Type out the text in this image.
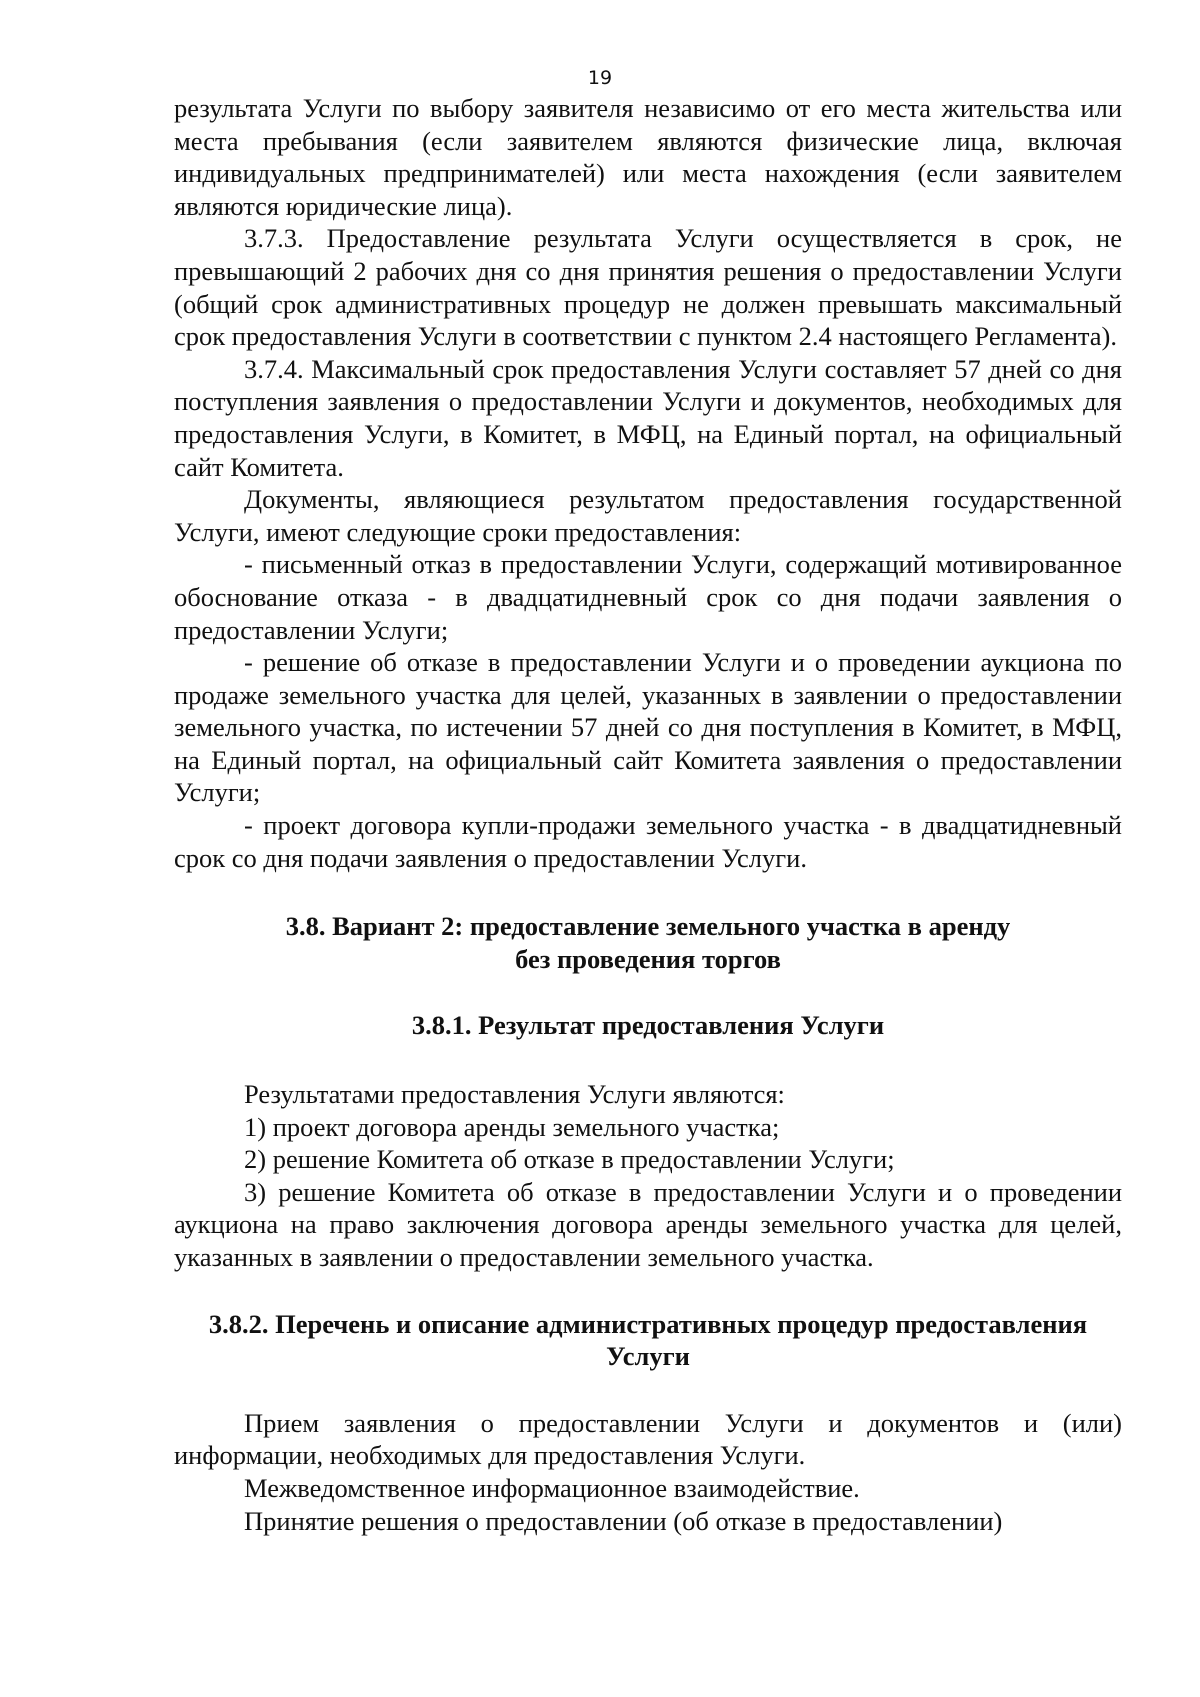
19

результата Услуги по выбору заявителя независимо от его места жительства или места пребывания (если заявителем являются физические лица, включая индивидуальных предпринимателей) или места нахождения (если заявителем являются юридические лица).

3.7.3. Предоставление результата Услуги осуществляется в срок, не превышающий 2 рабочих дня со дня принятия решения о предоставлении Услуги (общий срок административных процедур не должен превышать максимальный срок предоставления Услуги в соответствии с пунктом 2.4 настоящего Регламента).

3.7.4. Максимальный срок предоставления Услуги составляет 57 дней со дня поступления заявления о предоставлении Услуги и документов, необходимых для предоставления Услуги, в Комитет, в МФЦ, на Единый портал, на официальный сайт Комитета.

Документы, являющиеся результатом предоставления государственной Услуги, имеют следующие сроки предоставления:

- письменный отказ в предоставлении Услуги, содержащий мотивированное обоснование отказа - в двадцатидневный срок со дня подачи заявления о предоставлении Услуги;

- решение об отказе в предоставлении Услуги и о проведении аукциона по продаже земельного участка для целей, указанных в заявлении о предоставлении земельного участка, по истечении 57 дней со дня поступления в Комитет, в МФЦ, на Единый портал, на официальный сайт Комитета заявления о предоставлении Услуги;

- проект договора купли-продажи земельного участка - в двадцатидневный срок со дня подачи заявления о предоставлении Услуги.

3.8. Вариант 2: предоставление земельного участка в аренду

без проведения торгов

3.8.1. Результат предоставления Услуги

Результатами предоставления Услуги являются:

1) проект договора аренды земельного участка;

2) решение Комитета об отказе в предоставлении Услуги;

3) решение Комитета об отказе в предоставлении Услуги и о проведении аукциона на право заключения договора аренды земельного участка для целей, указанных в заявлении о предоставлении земельного участка.

3.8.2. Перечень и описание административных процедур предоставления

Услуги

Прием заявления о предоставлении Услуги и документов и (или) информации, необходимых для предоставления Услуги.

Межведомственное информационное взаимодействие.

Принятие решения о предоставлении (об отказе в предоставлении)
